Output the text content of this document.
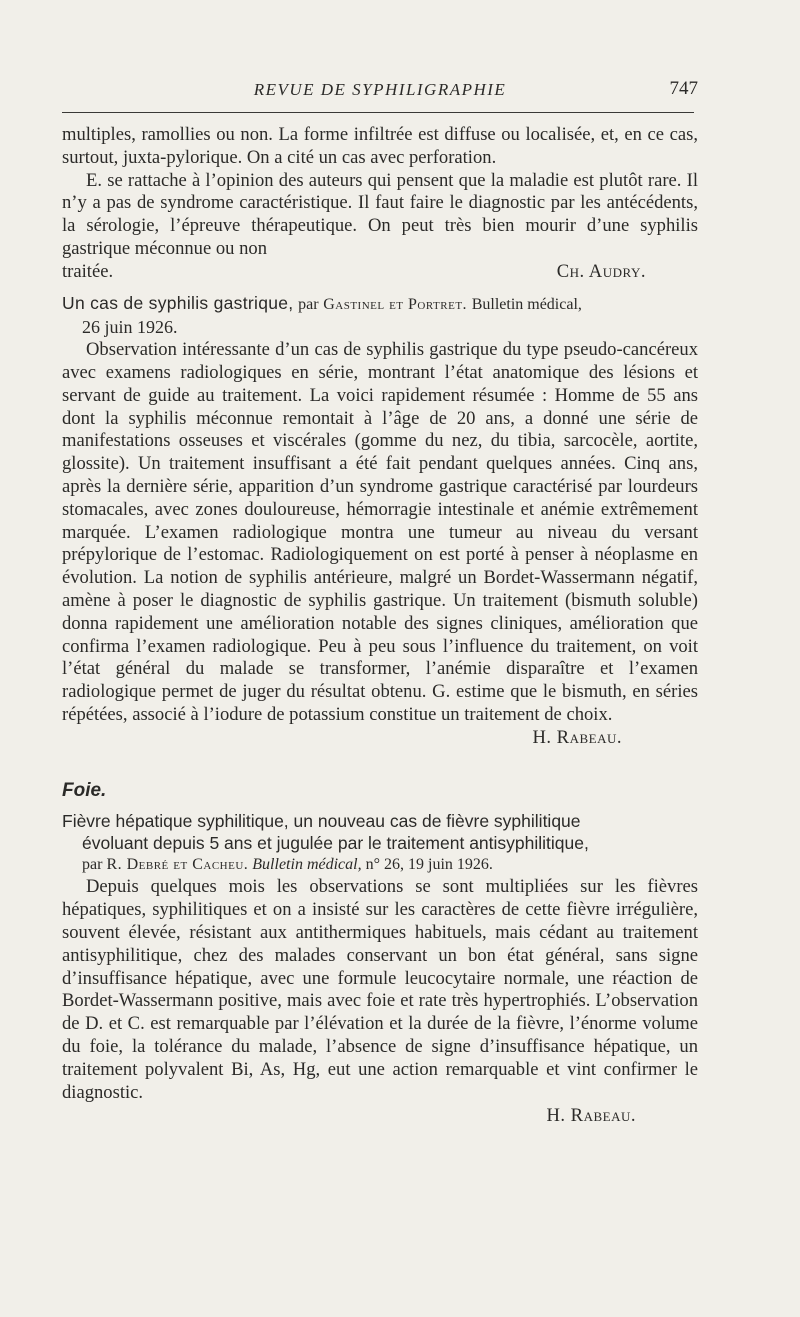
REVUE DE SYPHILIGRAPHIE	747

multiples, ramollies ou non. La forme infiltrée est diffuse ou localisée, et, en ce cas, surtout, juxta-pylorique. On a cité un cas avec perforation.

E. se rattache à l’opinion des auteurs qui pensent que la maladie est plutôt rare. Il n’y a pas de syndrome caractéristique. Il faut faire le diagnostic par les antécédents, la sérologie, l’épreuve thérapeutique. On peut très bien mourir d’une syphilis gastrique méconnue ou non

traitée.	Ch. Audry.
Un cas de syphilis gastrique, par Gastinel et Portret. Bulletin médical,
26 juin 1926.

Observation intéressante d’un cas de syphilis gastrique du type pseudo-cancéreux avec examens radiologiques en série, montrant l’état anatomique des lésions et servant de guide au traitement. La voici rapidement résumée : Homme de 55 ans dont la syphilis méconnue remontait à l’âge de 20 ans, a donné une série de manifestations osseuses et viscérales (gomme du nez, du tibia, sarcocèle, aortite, glossite). Un traitement insuffisant a été fait pendant quelques années. Cinq ans, après la dernière série, apparition d’un syndrome gastrique caractérisé par lourdeurs stomacales, avec zones douloureuse, hémorragie intestinale et anémie extrêmement marquée. L’examen radiologique montra une tumeur au niveau du versant prépylorique de l’estomac. Radiologiquement on est porté à penser à néoplasme en évolution. La notion de syphilis antérieure, malgré un Bordet-Wassermann négatif, amène à poser le diagnostic de syphilis gastrique. Un traitement (bismuth soluble) donna rapidement une amélioration notable des signes cliniques, amélioration que confirma l’examen radiologique. Peu à peu sous l’influence du traitement, on voit l’état général du malade se transformer, l’anémie disparaître et l’examen radiologique permet de juger du résultat obtenu. G. estime que le bismuth, en séries répétées, associé à l’iodure de potassium constitue un traitement de choix.

H. Rabeau.
Foie.
Fièvre hépatique syphilitique, un nouveau cas de fièvre syphilitique
évoluant depuis 5 ans et jugulée par le traitement antisyphilitique,
par R. Debré et Cacheu. Bulletin médical, n° 26, 19 juin 1926.

Depuis quelques mois les observations se sont multipliées sur les fièvres hépatiques, syphilitiques et on a insisté sur les caractères de cette fièvre irrégulière, souvent élevée, résistant aux antithermiques habituels, mais cédant au traitement antisyphilitique, chez des malades conservant un bon état général, sans signe d’insuffisance hépatique, avec une formule leucocytaire normale, une réaction de Bordet-Wassermann positive, mais avec foie et rate très hypertrophiés. L’observation de D. et C. est remarquable par l’élévation et la durée de la fièvre, l’énorme volume du foie, la tolérance du malade, l’absence de signe d’insuffisance hépatique, un traitement polyvalent Bi, As, Hg, eut une action remarquable et vint confirmer le diagnostic.

H. Rabeau.
